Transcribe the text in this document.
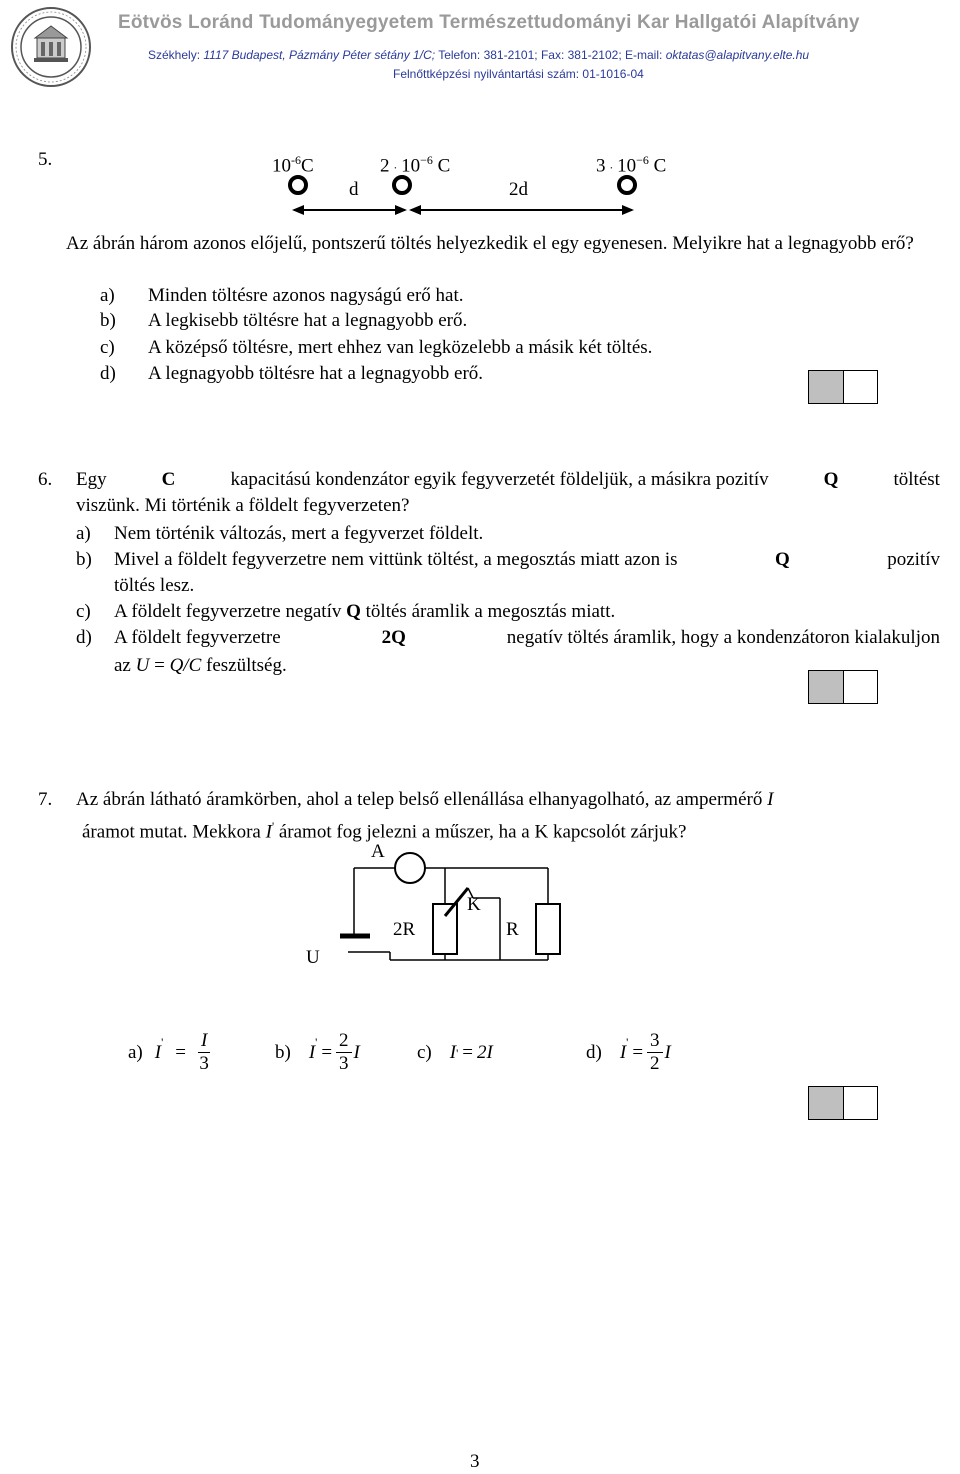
Eötvös Loránd Tudományegyetem Természettudományi Kar Hallgatói Alapítvány
Székhely: 1117 Budapest, Pázmány Péter sétány 1/C; Telefon: 381-2101; Fax: 381-2102; E-mail: oktatas@alapitvany.elte.hu
Felnőttképzési nyilvántartási szám: 01-1016-04
5.	$10^{-6}C$	$2 \cdot 10^{-6}$ C	$3 \cdot 10^{-6}$ C
d	2d
Az ábrán három azonos előjelű, pontszerű töltés helyezkedik el egy egyenesen. Melyikre hat a legnagyobb erő?
a) Minden töltésre azonos nagyságú erő hat.
b) A legkisebb töltésre hat a legnagyobb erő.
c) A középső töltésre, mert ehhez van legközelebb a másik két töltés.
d) A legnagyobb töltésre hat a legnagyobb erő.
6. Egy	C	kapacitású kondenzátor egyik fegyverzetét földeljük, a másikra pozitív	Q	töltést
viszünk. Mi történik a földelt fegyverzeten?
a) Nem történik változás, mert a fegyverzet földelt.
b)	Mivel a földelt fegyverzetre nem vittünk töltést, a megosztás miatt azon is	Q	pozitív
töltés lesz.
c) A földelt fegyverzetre negatív Q töltés áramlik a megosztás miatt.
d)	A földelt fegyverzetre	2Q	negatív töltés áramlik, hogy a kondenzátoron kialakuljon
az U = Q/C feszültség.
7. Az ábrán látható áramkörben, ahol a telep belső ellenállása elhanyagolható, az ampermérő I
áramot mutat. Mekkora I' áramot fog jelezni a műszer, ha a K kapcsolót zárjuk?
A
K
2R	R
U
a) $I' = \frac{I}{3}$	b) $I' = \frac{2}{3}$ I	c) I ' = 2I	d) $I' = \frac{3}{2}$ I
3
